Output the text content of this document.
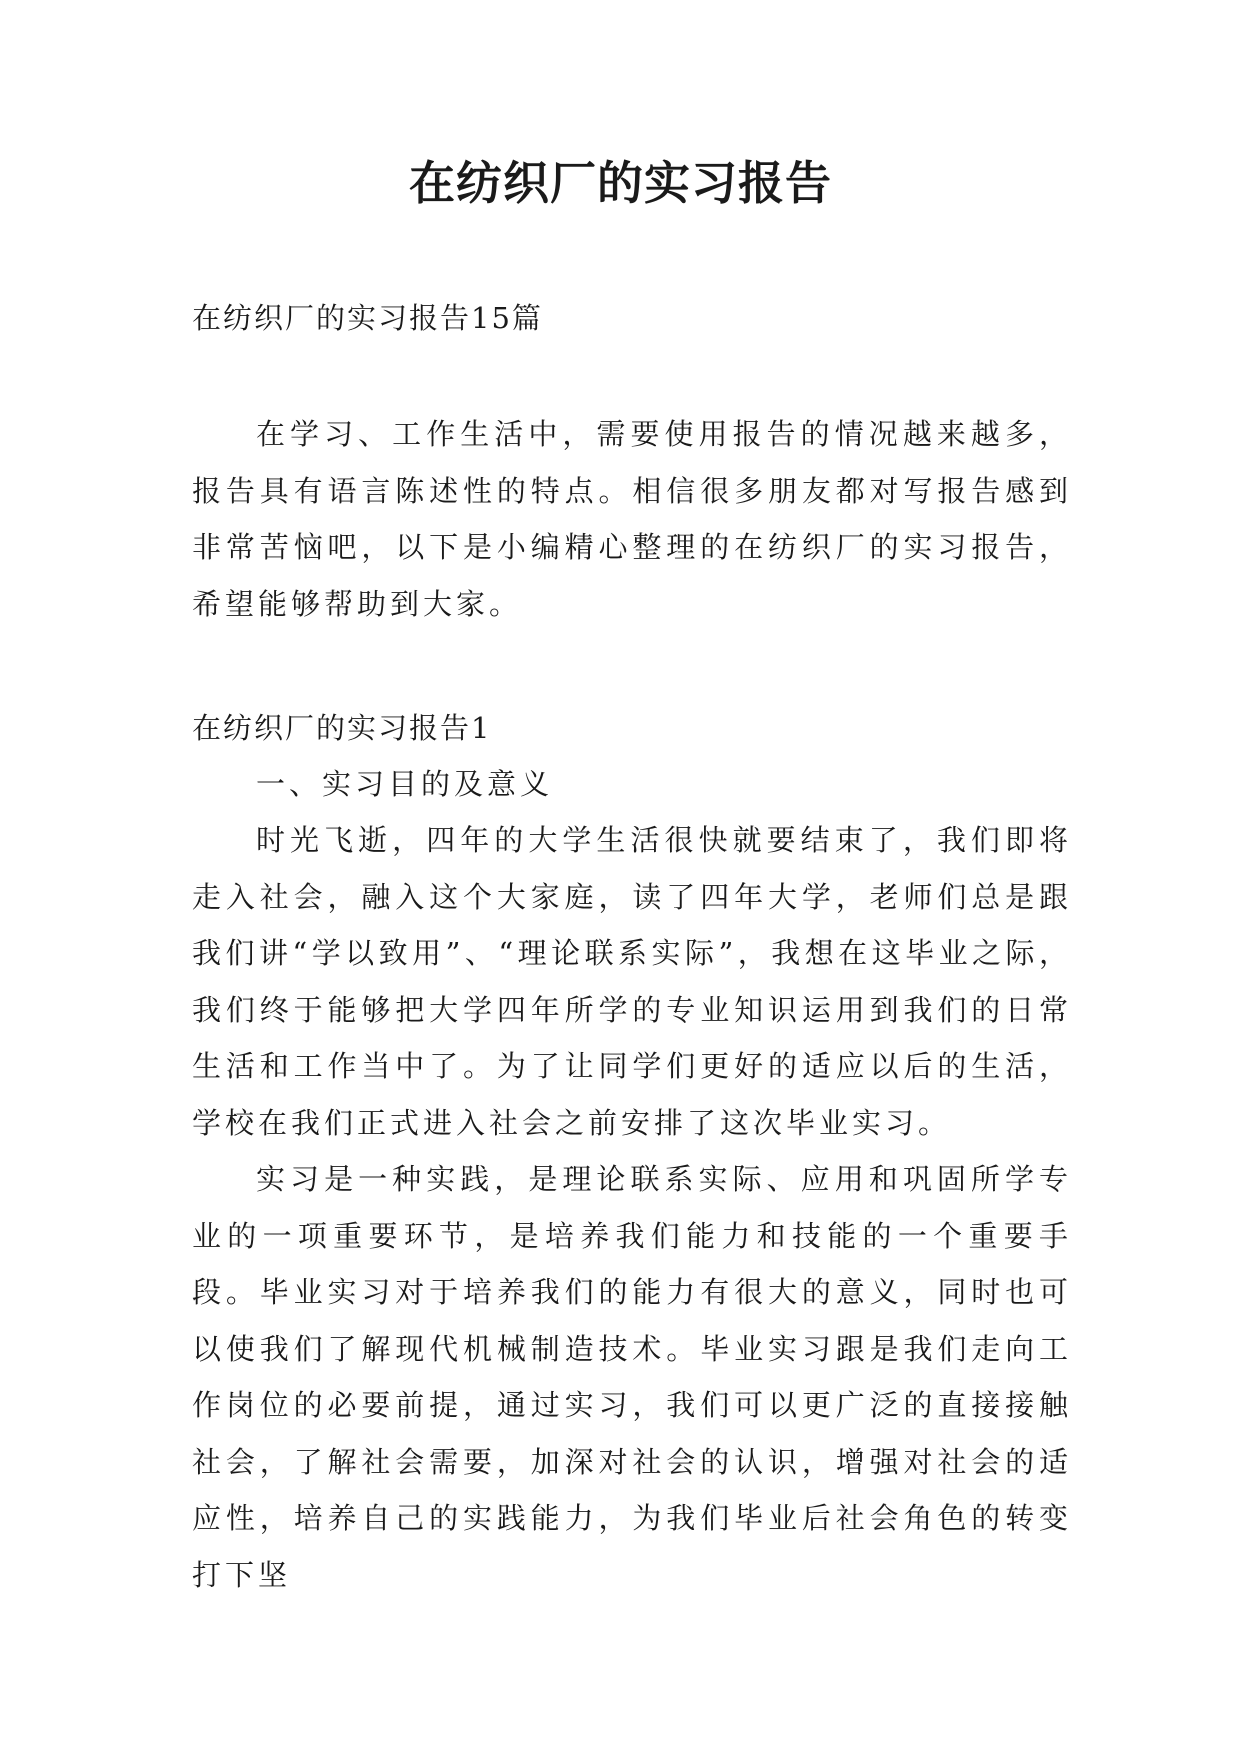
在纺织厂的实习报告

在纺织厂的实习报告15篇

在学习、工作生活中，需要使用报告的情况越来越多，报告具有语言陈述性的特点。相信很多朋友都对写报告感到非常苦恼吧，以下是小编精心整理的在纺织厂的实习报告，希望能够帮助到大家。

在纺织厂的实习报告1

一、实习目的及意义

时光飞逝，四年的大学生活很快就要结束了，我们即将走入社会，融入这个大家庭，读了四年大学，老师们总是跟我们讲“学以致用”、“理论联系实际”，我想在这毕业之际，我们终于能够把大学四年所学的专业知识运用到我们的日常生活和工作当中了。为了让同学们更好的适应以后的生活，学校在我们正式进入社会之前安排了这次毕业实习。

实习是一种实践，是理论联系实际、应用和巩固所学专业的一项重要环节，是培养我们能力和技能的一个重要手段。毕业实习对于培养我们的能力有很大的意义，同时也可以使我们了解现代机械制造技术。毕业实习跟是我们走向工作岗位的必要前提，通过实习，我们可以更广泛的直接接触社会，了解社会需要，加深对社会的认识，增强对社会的适应性，培养自己的实践能力，为我们毕业后社会角色的转变打下坚
